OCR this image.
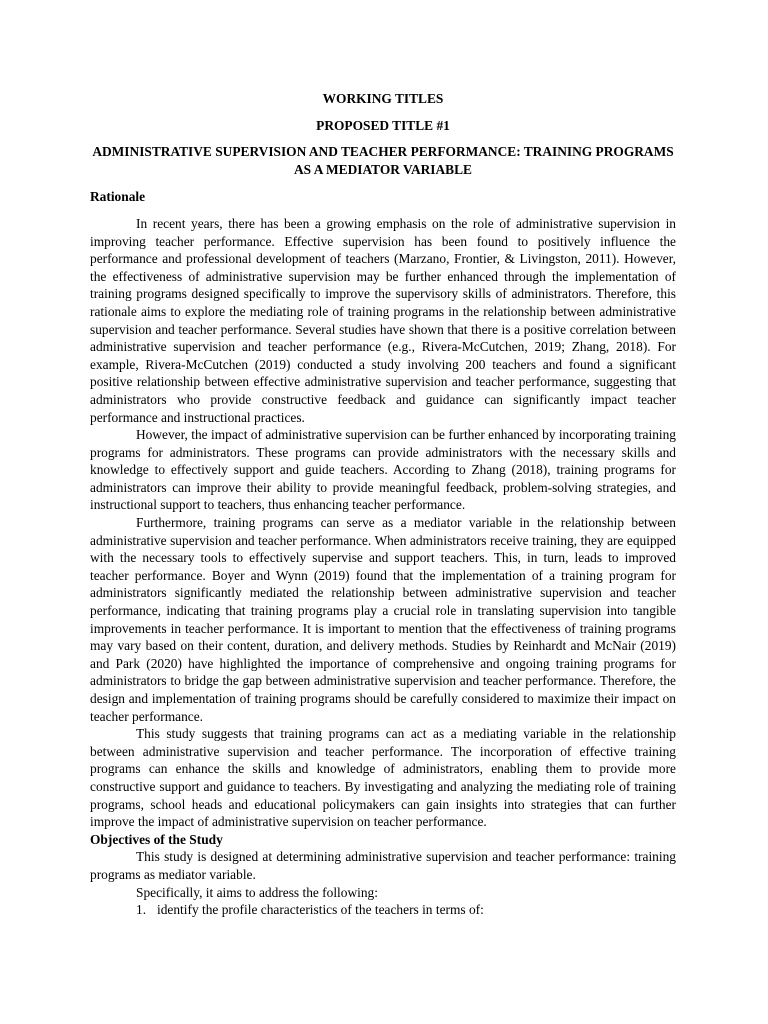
WORKING TITLES
PROPOSED TITLE #1
ADMINISTRATIVE SUPERVISION AND TEACHER PERFORMANCE: TRAINING PROGRAMS AS A MEDIATOR VARIABLE
Rationale

In recent years, there has been a growing emphasis on the role of administrative supervision in improving teacher performance. Effective supervision has been found to positively influence the performance and professional development of teachers (Marzano, Frontier, & Livingston, 2011). However, the effectiveness of administrative supervision may be further enhanced through the implementation of training programs designed specifically to improve the supervisory skills of administrators. Therefore, this rationale aims to explore the mediating role of training programs in the relationship between administrative supervision and teacher performance. Several studies have shown that there is a positive correlation between administrative supervision and teacher performance (e.g., Rivera-McCutchen, 2019; Zhang, 2018). For example, Rivera-McCutchen (2019) conducted a study involving 200 teachers and found a significant positive relationship between effective administrative supervision and teacher performance, suggesting that administrators who provide constructive feedback and guidance can significantly impact teacher performance and instructional practices.

However, the impact of administrative supervision can be further enhanced by incorporating training programs for administrators. These programs can provide administrators with the necessary skills and knowledge to effectively support and guide teachers. According to Zhang (2018), training programs for administrators can improve their ability to provide meaningful feedback, problem-solving strategies, and instructional support to teachers, thus enhancing teacher performance.

Furthermore, training programs can serve as a mediator variable in the relationship between administrative supervision and teacher performance. When administrators receive training, they are equipped with the necessary tools to effectively supervise and support teachers. This, in turn, leads to improved teacher performance. Boyer and Wynn (2019) found that the implementation of a training program for administrators significantly mediated the relationship between administrative supervision and teacher performance, indicating that training programs play a crucial role in translating supervision into tangible improvements in teacher performance. It is important to mention that the effectiveness of training programs may vary based on their content, duration, and delivery methods. Studies by Reinhardt and McNair (2019) and Park (2020) have highlighted the importance of comprehensive and ongoing training programs for administrators to bridge the gap between administrative supervision and teacher performance. Therefore, the design and implementation of training programs should be carefully considered to maximize their impact on teacher performance.

This study suggests that training programs can act as a mediating variable in the relationship between administrative supervision and teacher performance. The incorporation of effective training programs can enhance the skills and knowledge of administrators, enabling them to provide more constructive support and guidance to teachers. By investigating and analyzing the mediating role of training programs, school heads and educational policymakers can gain insights into strategies that can further improve the impact of administrative supervision on teacher performance.

Objectives of the Study

This study is designed at determining administrative supervision and teacher performance: training programs as mediator variable.

Specifically, it aims to address the following:
1. identify the profile characteristics of the teachers in terms of:
